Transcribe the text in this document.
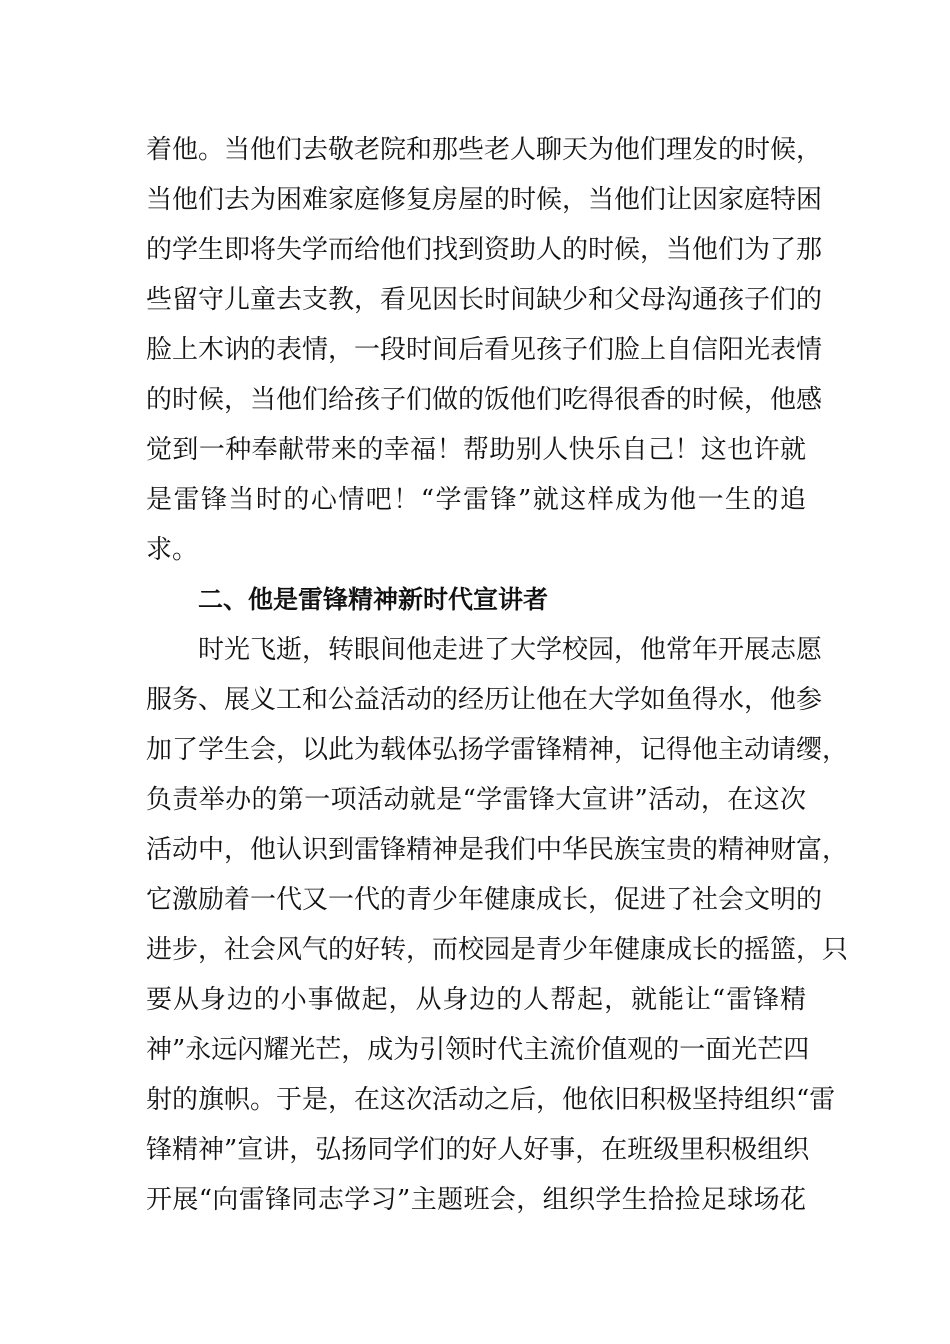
着他。当他们去敬老院和那些老人聊天为他们理发的时候，
当他们去为困难家庭修复房屋的时候，当他们让因家庭特困
的学生即将失学而给他们找到资助人的时候，当他们为了那
些留守儿童去支教，看见因长时间缺少和父母沟通孩子们的
脸上木讷的表情，一段时间后看见孩子们脸上自信阳光表情
的时候，当他们给孩子们做的饭他们吃得很香的时候，他感
觉到一种奉献带来的幸福！帮助别人快乐自己！这也许就
是雷锋当时的心情吧！“学雷锋”就这样成为他一生的追
求。
二、他是雷锋精神新时代宣讲者
时光飞逝，转眼间他走进了大学校园，他常年开展志愿
服务、展义工和公益活动的经历让他在大学如鱼得水，他参
加了学生会，以此为载体弘扬学雷锋精神，记得他主动请缨，
负责举办的第一项活动就是“学雷锋大宣讲”活动，在这次
活动中，他认识到雷锋精神是我们中华民族宝贵的精神财富，
它激励着一代又一代的青少年健康成长，促进了社会文明的
进步，社会风气的好转，而校园是青少年健康成长的摇篮，只
要从身边的小事做起，从身边的人帮起，就能让“雷锋精
神”永远闪耀光芒，成为引领时代主流价值观的一面光芒四
射的旗帜。于是，在这次活动之后，他依旧积极坚持组织“雷
锋精神”宣讲，弘扬同学们的好人好事，在班级里积极组织
开展“向雷锋同志学习”主题班会，组织学生拾捡足球场花
